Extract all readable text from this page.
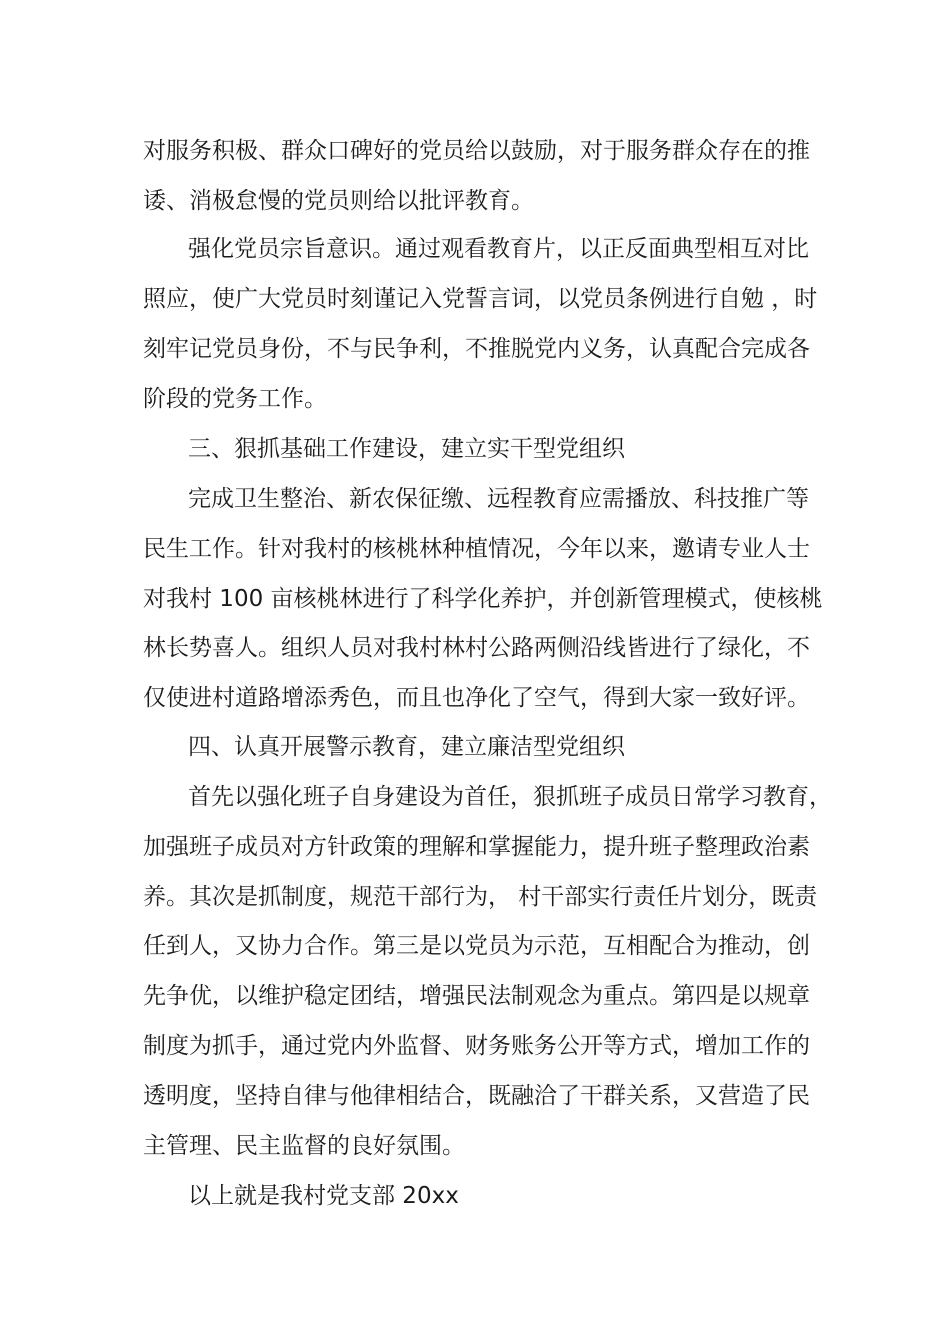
对服务积极、群众口碑好的党员给以鼓励，对于服务群众存在的推
诿、消极怠慢的党员则给以批评教育。
强化党员宗旨意识。通过观看教育片，以正反面典型相互对比
照应，使广大党员时刻谨记入党誓言词，以党员条例进行自勉 ，时
刻牢记党员身份，不与民争利，不推脱党内义务，认真配合完成各
阶段的党务工作。
三、狠抓基础工作建设，建立实干型党组织
完成卫生整治、新农保征缴、远程教育应需播放、科技推广等
民生工作。针对我村的核桃林种植情况，今年以来，邀请专业人士
对我村 100 亩核桃林进行了科学化养护，并创新管理模式，使核桃
林长势喜人。组织人员对我村林村公路两侧沿线皆进行了绿化，不
仅使进村道路增添秀色，而且也净化了空气，得到大家一致好评。
四、认真开展警示教育，建立廉洁型党组织
首先以强化班子自身建设为首任，狠抓班子成员日常学习教育，
加强班子成员对方针政策的理解和掌握能力，提升班子整理政治素
养。其次是抓制度，规范干部行为， 村干部实行责任片划分，既责
任到人，又协力合作。第三是以党员为示范，互相配合为推动，创
先争优，以维护稳定团结，增强民法制观念为重点。第四是以规章
制度为抓手，通过党内外监督、财务账务公开等方式，增加工作的
透明度，坚持自律与他律相结合，既融洽了干群关系，又营造了民
主管理、民主监督的良好氛围。
以上就是我村党支部 20xx
